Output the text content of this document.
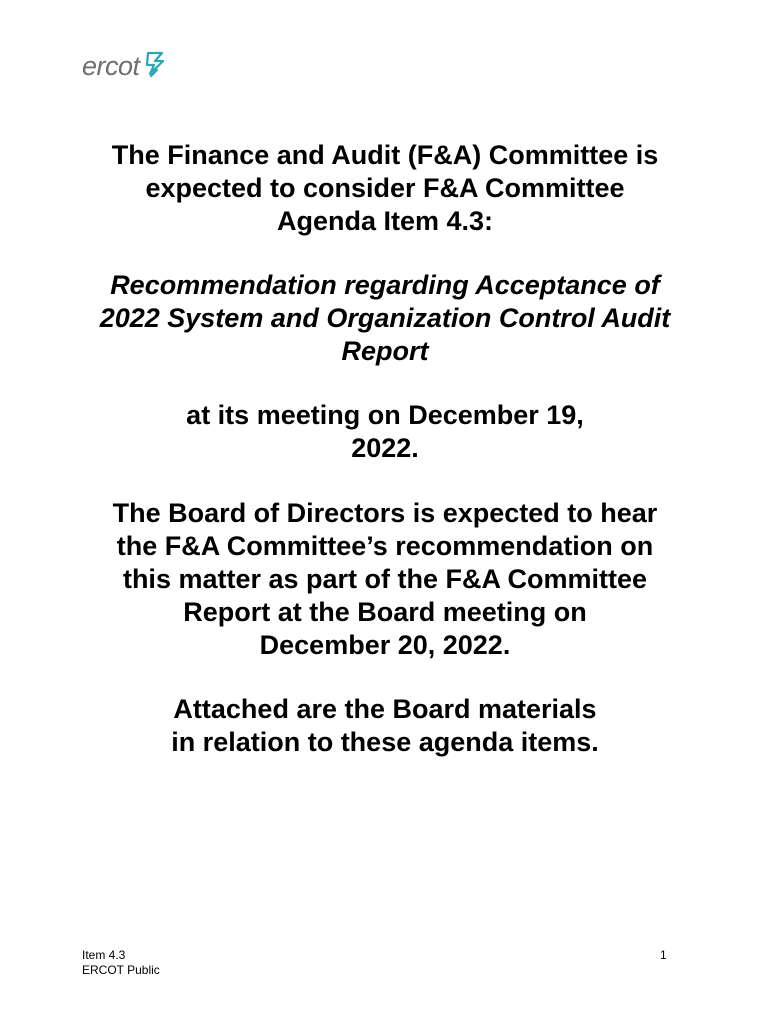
ercot

The Finance and Audit (F&A) Committee is
expected to consider F&A Committee
Agenda Item 4.3:

Recommendation regarding Acceptance of
2022 System and Organization Control Audit
Report

at its meeting on December 19,
2022.

The Board of Directors is expected to hear
the F&A Committee’s recommendation on
this matter as part of the F&A Committee
Report at the Board meeting on
December 20, 2022.

Attached are the Board materials
in relation to these agenda items.

Item 4.3
ERCOT Public
1
